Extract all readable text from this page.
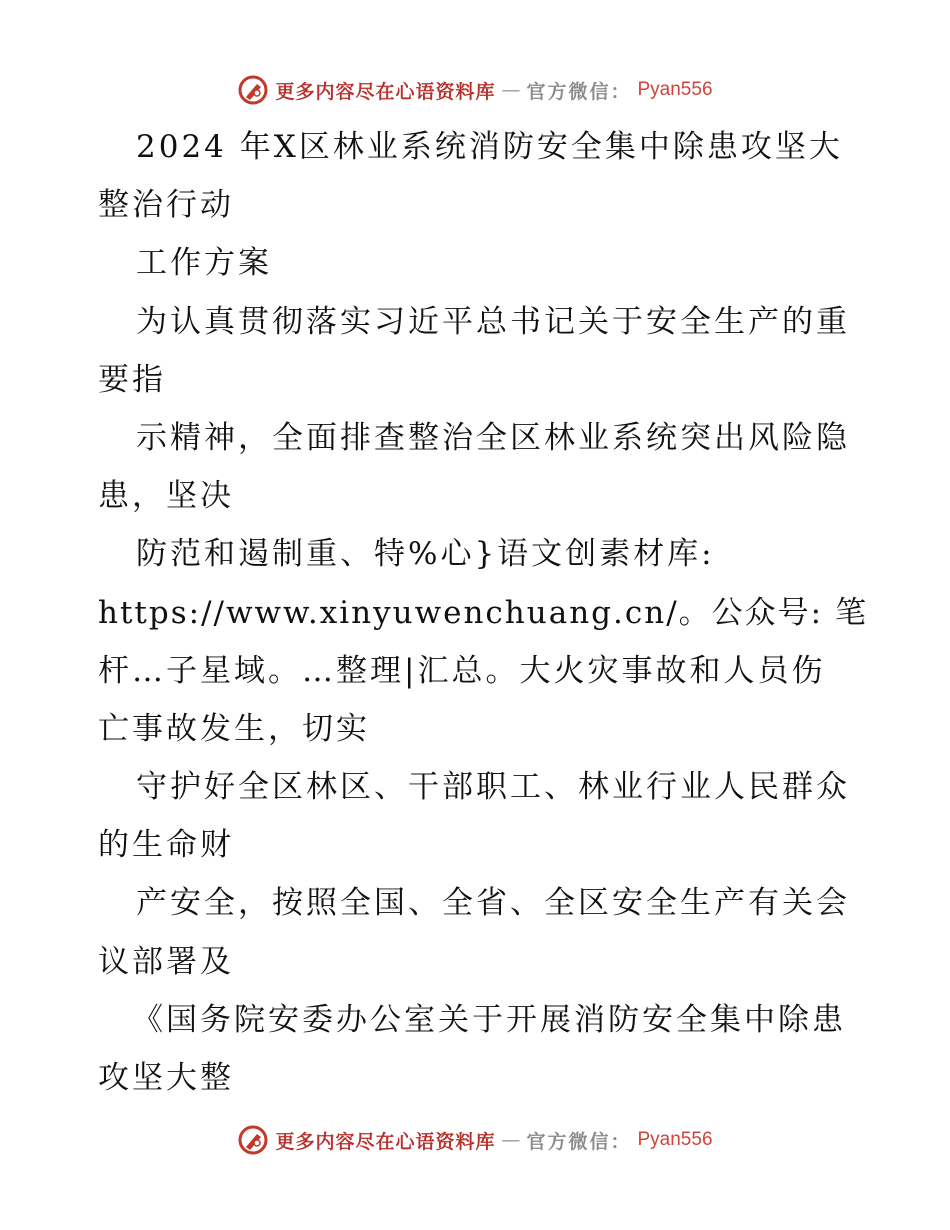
更多内容尽在心语资料库 — 官方微信： Pyan556
2024 年X区林业系统消防安全集中除患攻坚大
整治行动
工作方案
为认真贯彻落实习近平总书记关于安全生产的重
要指
示精神，全面排查整治全区林业系统突出风险隐
患，坚决
防范和遏制重、特%心}语文创素材库:
https://www.xinyuwenchuang.cn/。公众号: 笔
杆…子星域。…整理|汇总。大火灾事故和人员伤
亡事故发生，切实
守护好全区林区、干部职工、林业行业人民群众
的生命财
产安全，按照全国、全省、全区安全生产有关会
议部署及
《国务院安委办公室关于开展消防安全集中除患
攻坚大整
更多内容尽在心语资料库 — 官方微信： Pyan556
